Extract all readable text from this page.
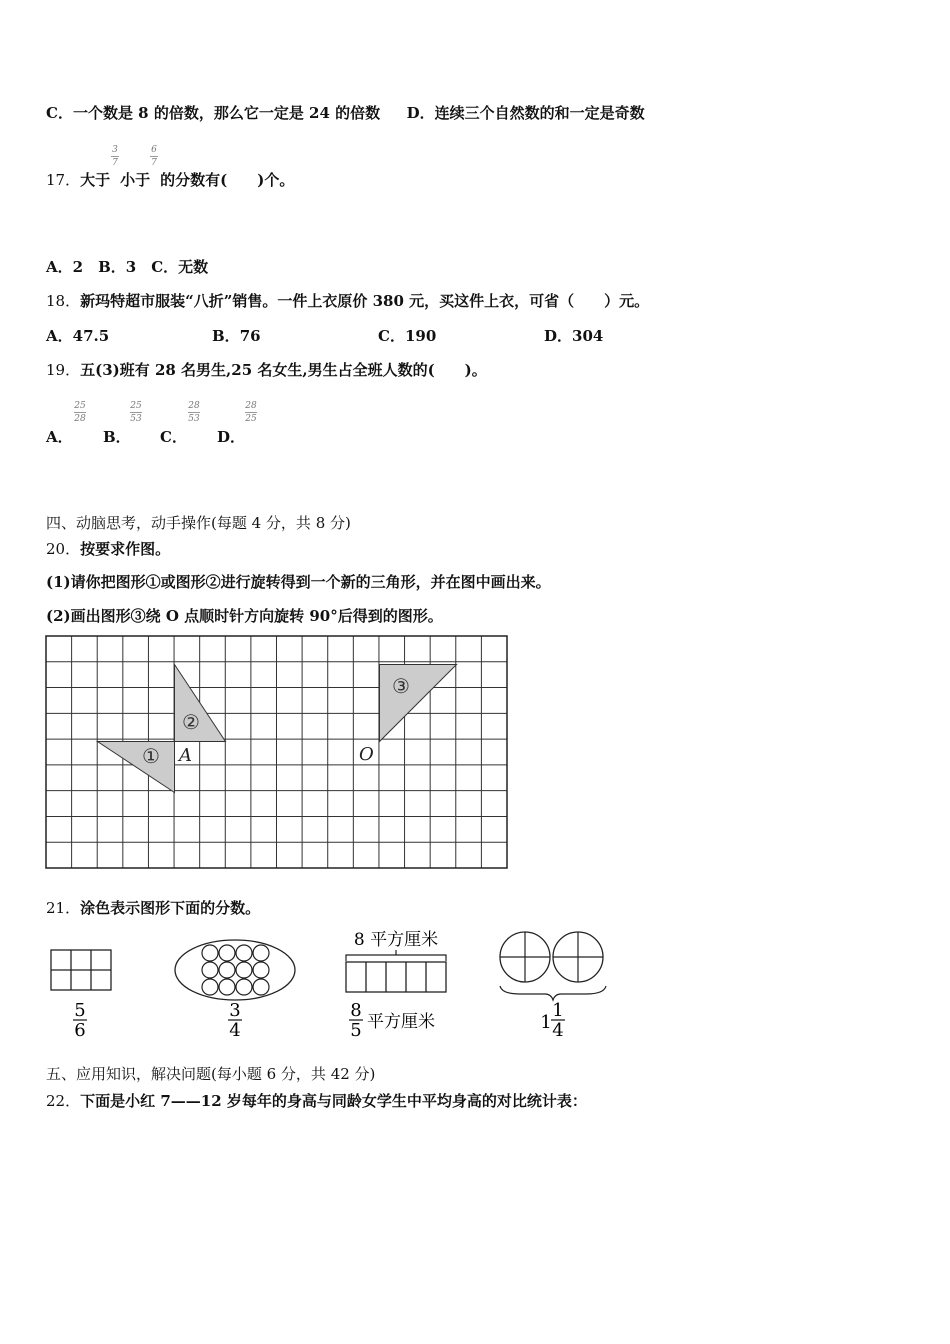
C．一个数是 8 的倍数，那么它一定是 24 的倍数 D．连续三个自然数的和一定是奇数
17．大于 小于 的分数有(　　)个。
3
7
6
7
A．2　B．3　C．无数
18．新玛特超市服装“八折”销售。一件上衣原价 380 元，买这件上衣，可省（　　）元。
A．47.5	B．76	C．190	D．304
19．五(3)班有 28 名男生,25 名女生,男生占全班人数的(　　)。
A． B． C． D．
25
28
25
53
28
53
28
25
四、动脑思考，动手操作(每题 4 分，共 8 分)
20．按要求作图。
(1)请你把图形①或图形②进行旋转得到一个新的三角形，并在图中画出来。
(2)画出图形③绕 O 点顺时针方向旋转 90°后得到的图形。
①
②
③
A	O
21．涂色表示图形下面的分数。
5
6
3
4
8 平方厘米
8
5 平方厘米	1
1
4
五、应用知识，解决问题(每小题 6 分，共 42 分)
22．下面是小红 7——12 岁每年的身高与同龄女学生中平均身高的对比统计表：
